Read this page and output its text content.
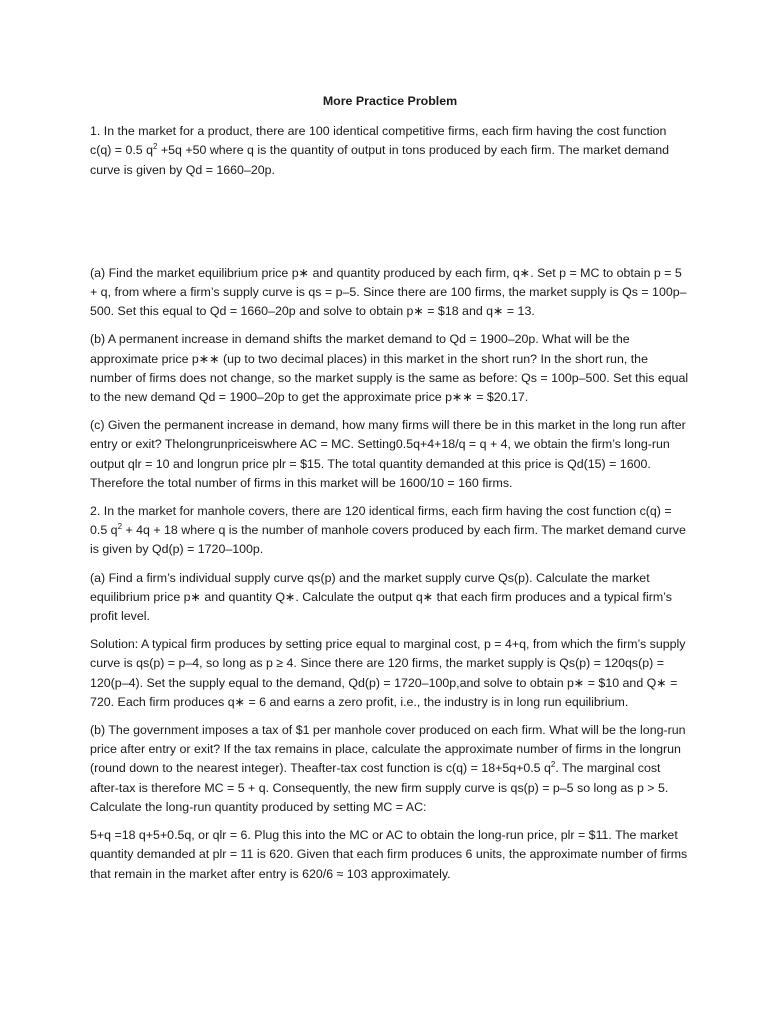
More Practice Problem

1. In the market for a product, there are 100 identical competitive firms, each firm having the cost function c(q) = 0.5 $q^2 +5q +50$ where q is the quantity of output in tons produced by each firm. The market demand curve is given by Qd = 1660–20p.

(a) Find the market equilibrium price p∗ and quantity produced by each firm, q∗. Set p = MC to obtain p = 5 + q, from where a firm’s supply curve is qs = p–5. Since there are 100 firms, the market supply is Qs = 100p–500. Set this equal to Qd = 1660–20p and solve to obtain p∗ = $18 and q∗ = 13.

(b) A permanent increase in demand shifts the market demand to Qd = 1900–20p. What will be the approximate price p∗∗ (up to two decimal places) in this market in the short run? In the short run, the number of firms does not change, so the market supply is the same as before: Qs = 100p–500. Set this equal to the new demand Qd = 1900–20p to get the approximate price p∗∗ = $20.17.

(c) Given the permanent increase in demand, how many firms will there be in this market in the long run after entry or exit? Thelongrunpriceiswhere AC = MC. Setting0.5q+4+18/q = q + 4, we obtain the firm’s long-run output qlr = 10 and longrun price plr = $15. The total quantity demanded at this price is Qd(15) = 1600. Therefore the total number of firms in this market will be 1600/10 = 160 firms.

2. In the market for manhole covers, there are 120 identical firms, each firm having the cost function c(q) = 0.5 $q^2 + 4q + 18$ where q is the number of manhole covers produced by each firm. The market demand curve is given by Qd(p) = 1720–100p.

(a) Find a firm’s individual supply curve qs(p) and the market supply curve Qs(p). Calculate the market equilibrium price p∗ and quantity Q∗. Calculate the output q∗ that each firm produces and a typical firm’s profit level.

Solution: A typical firm produces by setting price equal to marginal cost, p = 4+q, from which the firm’s supply curve is qs(p) = p–4, so long as p ≥ 4. Since there are 120 firms, the market supply is Qs(p) = 120qs(p) = 120(p–4). Set the supply equal to the demand, Qd(p) = 1720–100p,and solve to obtain p∗ = $10 and Q∗ = 720. Each firm produces q∗ = 6 and earns a zero profit, i.e., the industry is in long run equilibrium.

(b) The government imposes a tax of $1 per manhole cover produced on each firm. What will be the long-run price after entry or exit? If the tax remains in place, calculate the approximate number of firms in the longrun (round down to the nearest integer). Theafter-tax cost function is c(q) = 18+5q+0.5 $q^2$. The marginal cost after-tax is therefore MC = 5 + q. Consequently, the new firm supply curve is qs(p) = p–5 so long as p > 5. Calculate the long-run quantity produced by setting MC = AC:

5+q =18 q+5+0.5q, or qlr = 6. Plug this into the MC or AC to obtain the long-run price, plr = $11. The market quantity demanded at plr = 11 is 620. Given that each firm produces 6 units, the approximate number of firms that remain in the market after entry is 620/6 ≈ 103 approximately.
